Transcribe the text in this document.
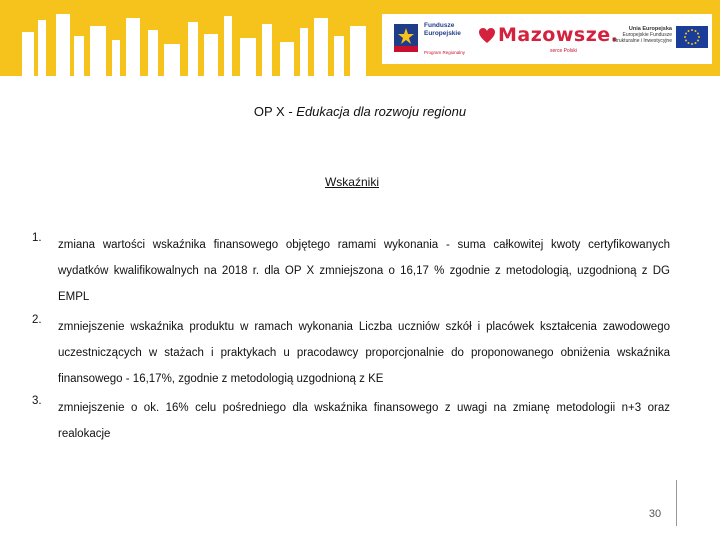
Fundusze
Europejskie
Program Regionalny
Mazowsze.
serce Polski
Unia Europejska
Europejskie Fundusze
Strukturalne i Inwestycyjne
OP X - Edukacja dla rozwoju regionu
Wskaźniki
1.
zmiana wartości wskaźnika finansowego objętego ramami wykonania - suma całkowitej kwoty certyfikowanych wydatków kwalifikowalnych na 2018 r. dla OP X zmniejszona o 16,17 % zgodnie z metodologią, uzgodnioną z DG EMPL
2.
zmniejszenie wskaźnika produktu w ramach wykonania Liczba uczniów szkół i placówek kształcenia zawodowego uczestniczących w stażach i praktykach u pracodawcy proporcjonalnie do proponowanego obniżenia wskaźnika finansowego - 16,17%, zgodnie z metodologią uzgodnioną z KE
3.
zmniejszenie o ok. 16% celu pośredniego dla wskaźnika finansowego z uwagi na zmianę metodologii n+3 oraz realokacje
30
